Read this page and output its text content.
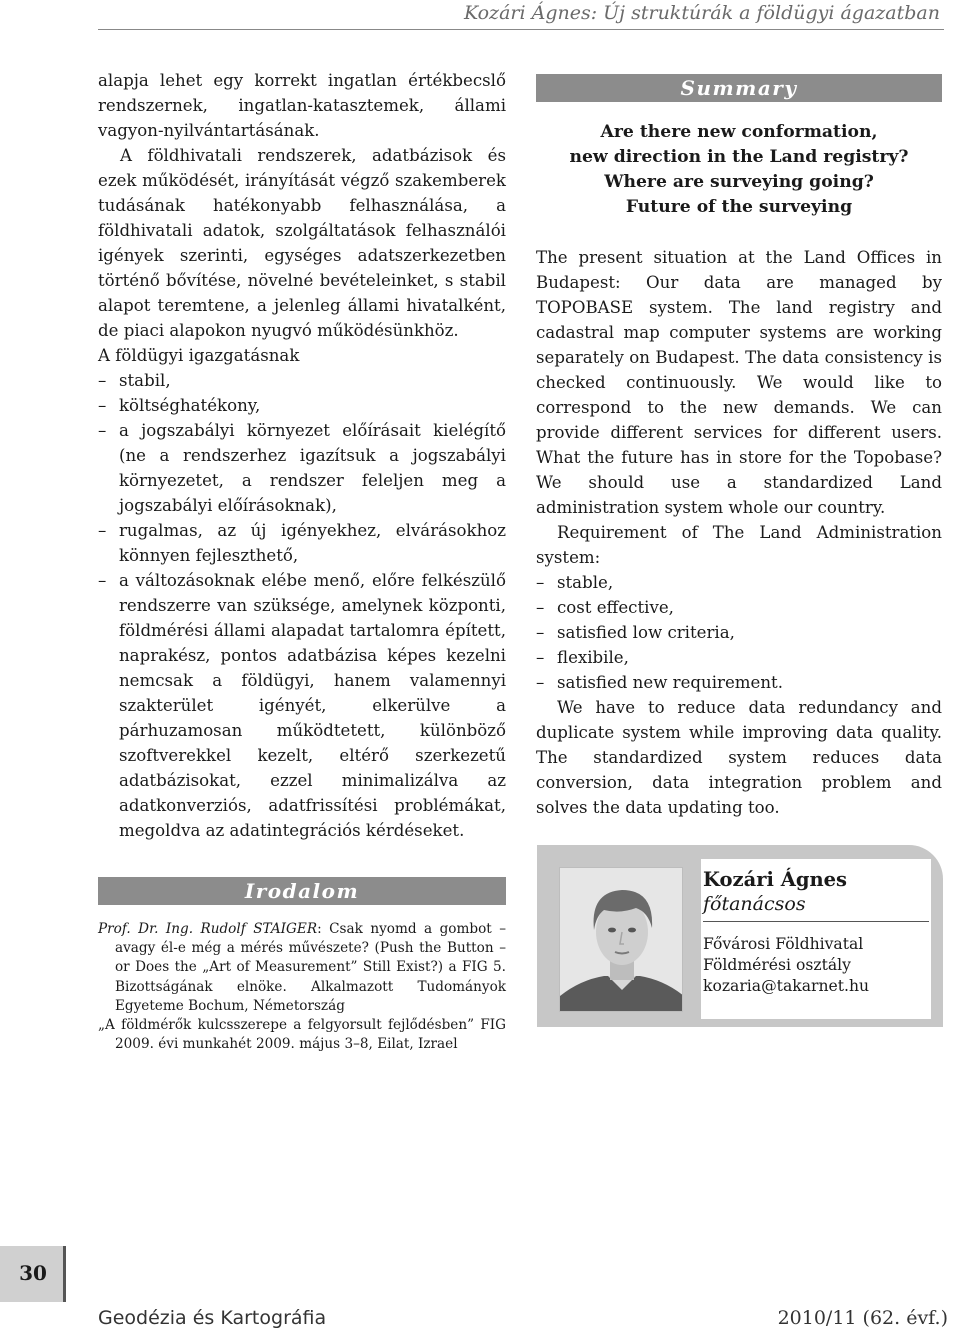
Kozári Ágnes: Új struktúrák a földügyi ágazatban

alapja lehet egy korrekt ingatlan értékbecslő rendszernek, ingatlan-katasztemek, állami vagyon-nyilvántartásának.

A földhivatali rendszerek, adatbázisok és ezek működését, irányítását végző szakemberek tudásának hatékonyabb felhasználása, a földhivatali adatok, szolgáltatások felhasználói igények szerinti, egységes adatszerkezetben történő bővítése, növelné bevételeinket, s stabil alapot teremtene, a jelenleg állami hivatalként, de piaci alapokon nyugvó működésünkhöz.

A földügyi igazgatásnak

– stabil,
– költséghatékony,
– a jogszabályi környezet előírásait kielégítő (ne a rendszerhez igazítsuk a jogszabályi környezetet, a rendszer feleljen meg a jogszabályi előírásoknak),
– rugalmas, az új igényekhez, elvárásokhoz könnyen fejleszthető,
– a változásoknak elébe menő, előre felkészülő rendszerre van szüksége, amelynek központi, földmérési állami alapadat tartalomra épített, naprakész, pontos adatbázisa képes kezelni nemcsak a földügyi, hanem valamennyi szakterület igényét, elkerülve a párhuzamosan működtetett, különböző szoftverekkel kezelt, eltérő szerkezetű adatbázisokat, ezzel minimalizálva az adatkonverziós, adatfrissítési problémákat, megoldva az adatintegrációs kérdéseket.
Irodalom
Prof. Dr. Ing. Rudolf STAIGER: Csak nyomd a gombot – avagy él-e még a mérés művészete? (Push the Button – or Does the „Art of Measurement” Still Exist?) a FIG 5. Bizottságának elnöke. Alkalmazott Tudományok Egyeteme Bochum, Németország
„A földmérők kulcsszerepe a felgyorsult fejlődésben” FIG 2009. évi munkahét 2009. május 3–8, Eilat, Izrael
Summary
Are there new conformation,
new direction in the Land registry?
Where are surveying going?
Future of the surveying

The present situation at the Land Offices in Budapest: Our data are managed by TOPOBASE system. The land registry and cadastral map computer systems are working separately on Budapest. The data consistency is checked continuously. We would like to correspond to the new demands. We can provide different services for different users. What the future has in store for the Topobase? We should use a standardized Land administration system whole our country.

Requirement of The Land Administration system:

– stable,
– cost effective,
– satisfied low criteria,
– flexibile,
– satisfied new requirement.

We have to reduce data redundancy and duplicate system while improving data quality. The standardized system reduces data conversion, data integration problem and solves the data updating too.

Kozári Ágnes
főtanácsos
Fővárosi Földhivatal
Földmérési osztály
kozaria@takarnet.hu
30
Geodézia és Kartográfia	2010/11 (62. évf.)
